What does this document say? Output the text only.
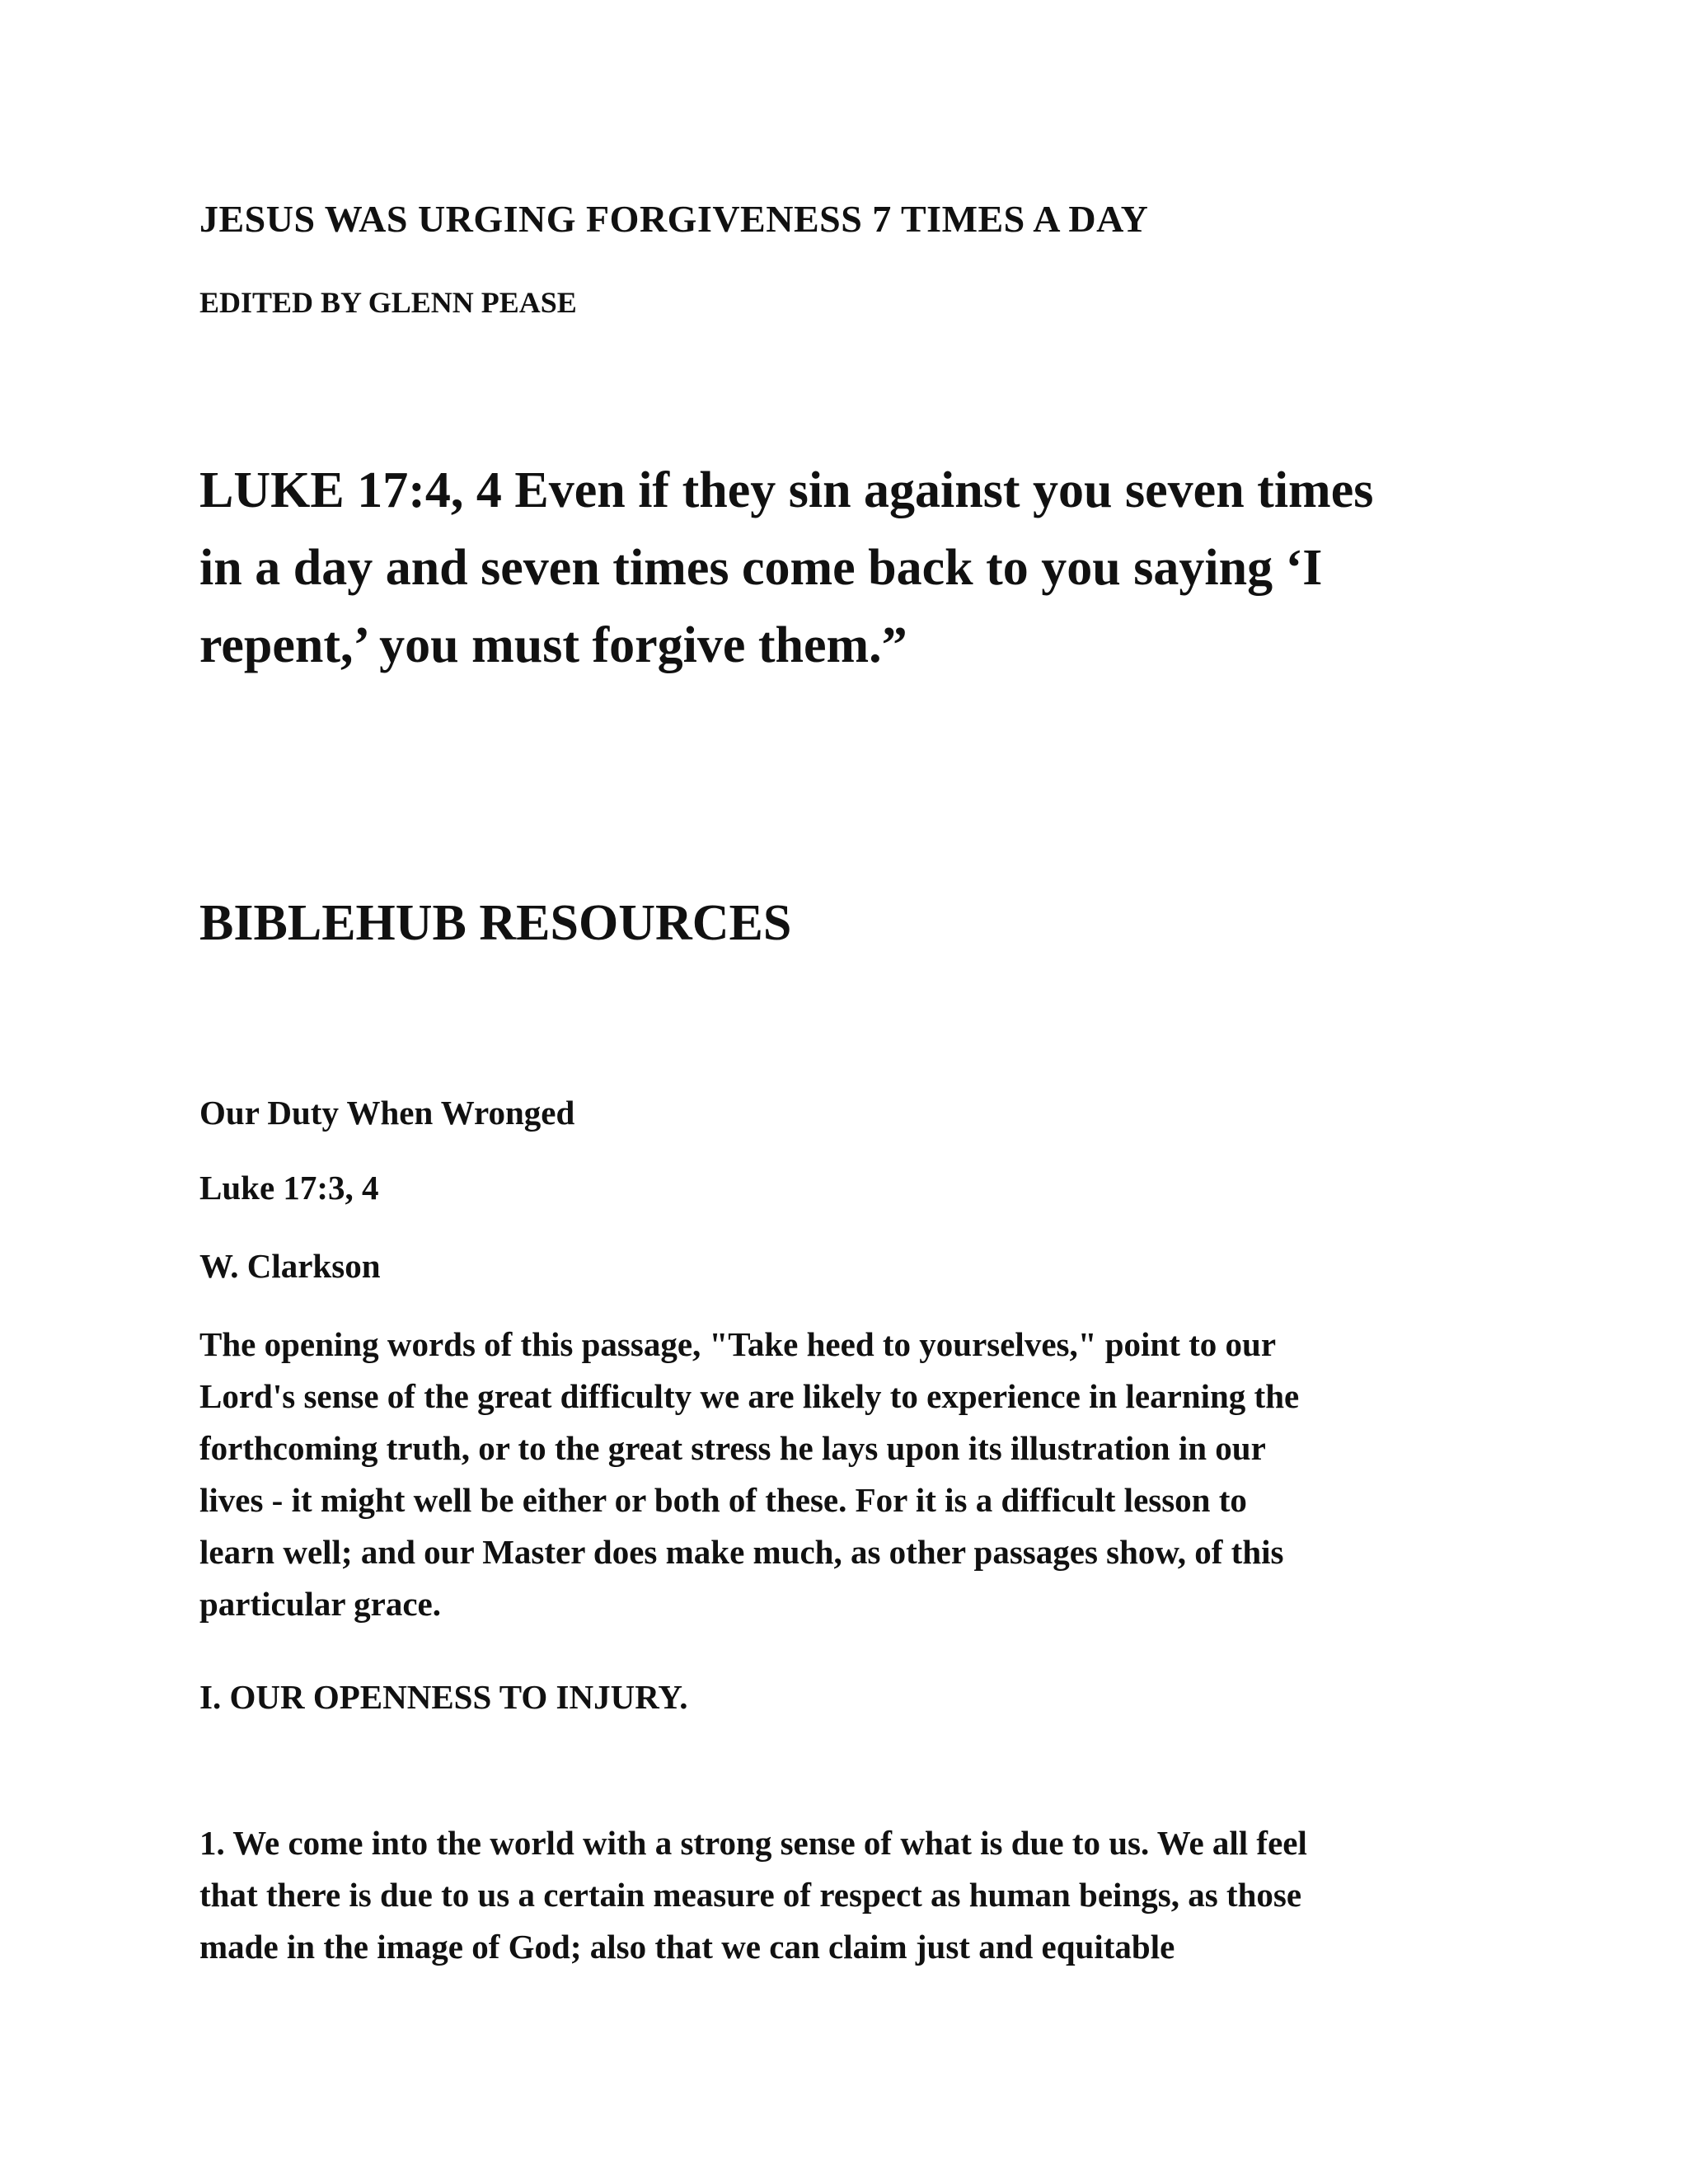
JESUS WAS URGING FORGIVENESS 7 TIMES A DAY
EDITED BY GLENN PEASE
LUKE 17:4, 4 Even if they sin against you seven times
in a day and seven times come back to you saying ‘I
repent,’ you must forgive them.”
BIBLEHUB RESOURCES
Our Duty When Wronged
Luke 17:3, 4
W. Clarkson
The opening words of this passage, "Take heed to yourselves," point to our
Lord's sense of the great difficulty we are likely to experience in learning the
forthcoming truth, or to the great stress he lays upon its illustration in our
lives - it might well be either or both of these. For it is a difficult lesson to
learn well; and our Master does make much, as other passages show, of this
particular grace.
I. OUR OPENNESS TO INJURY.
1. We come into the world with a strong sense of what is due to us. We all feel
that there is due to us a certain measure of respect as human beings, as those
made in the image of God; also that we can claim just and equitable
